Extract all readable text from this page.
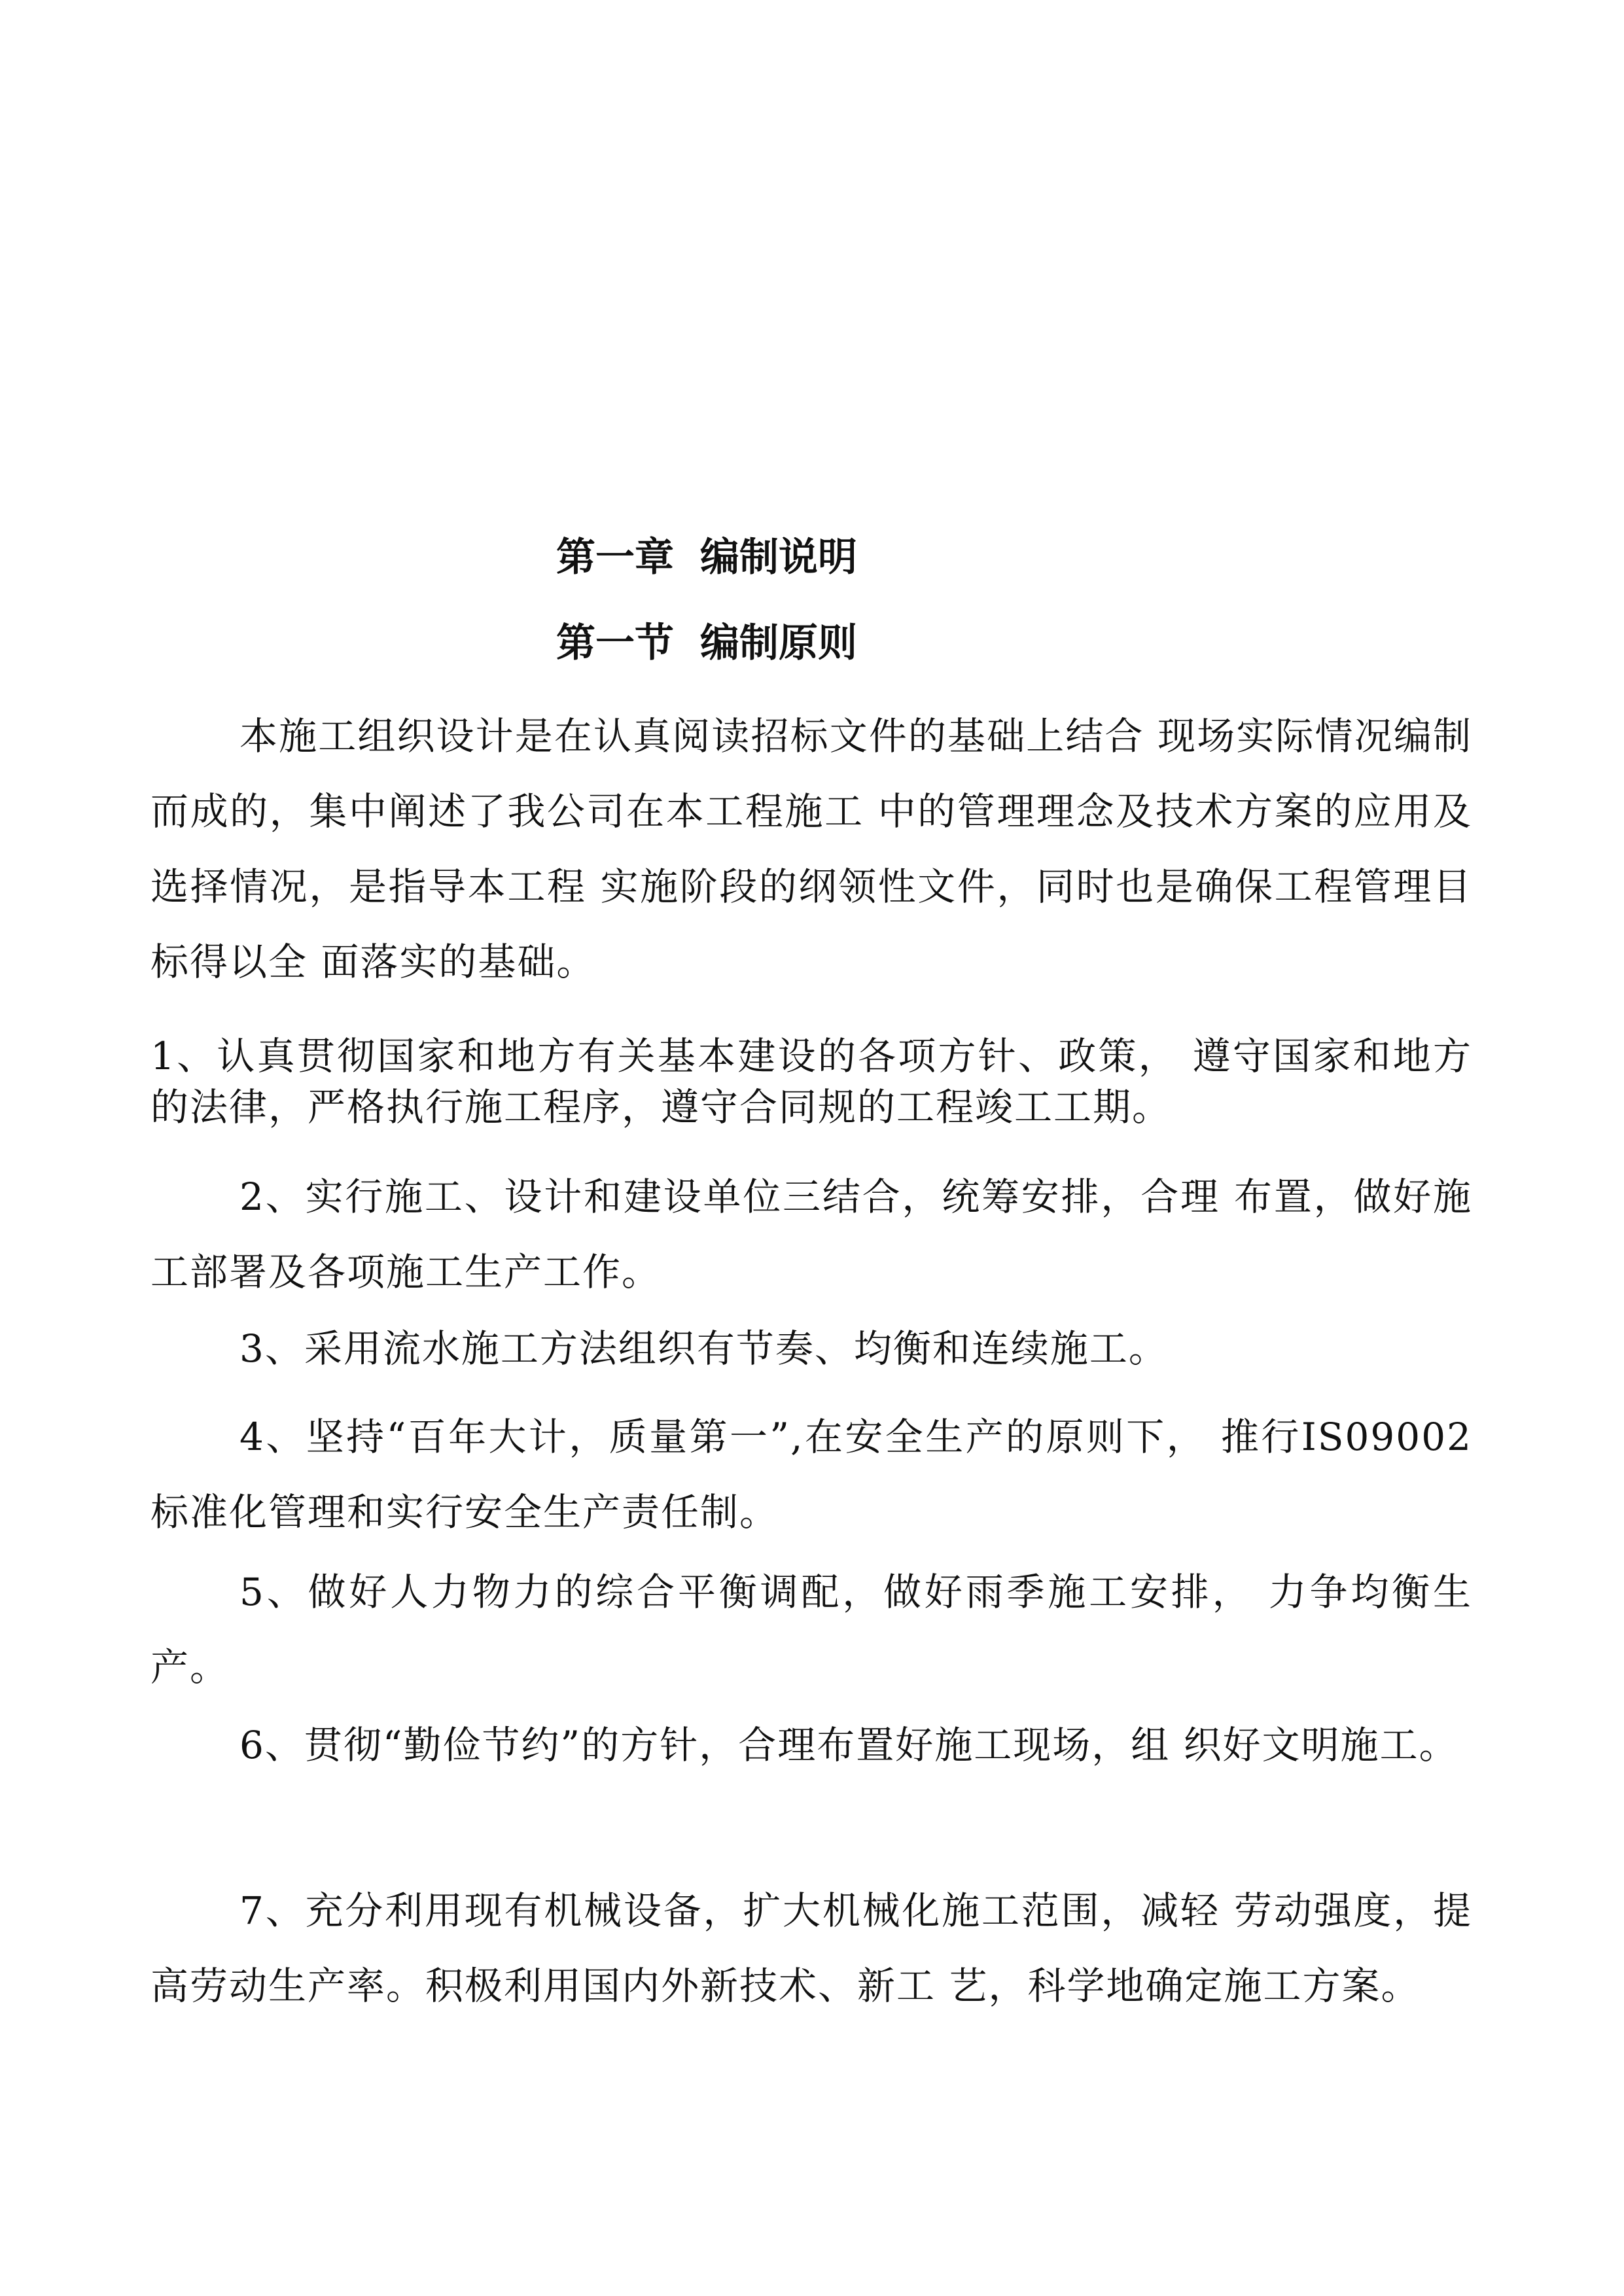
第一章 编制说明
第一节 编制原则

本施工组织设计是在认真阅读招标文件的基础上结合 现场实际情况编制而成的，集中阐述了我公司在本工程施工 中的管理理念及技术方案的应用及选择情况，是指导本工程 实施阶段的纲领性文件，同时也是确保工程管理目标得以全 面落实的基础。

1、认真贯彻国家和地方有关基本建设的各项方针、政策， 遵守国家和地方的法律，严格执行施工程序，遵守合同规的工程竣工工期。

2、实行施工、设计和建设单位三结合，统筹安排，合理 布置，做好施工部署及各项施工生产工作。

3、采用流水施工方法组织有节奏、均衡和连续施工。

4、坚持“百年大计，质量第一”,在安全生产的原则下， 推行IS09002 标准化管理和实行安全生产责任制。

5、做好人力物力的综合平衡调配，做好雨季施工安排， 力争均衡生产。

6、贯彻“勤俭节约”的方针，合理布置好施工现场，组 织好文明施工。

7、充分利用现有机械设备，扩大机械化施工范围，减轻 劳动强度，提高劳动生产率。积极利用国内外新技术、新工 艺，科学地确定施工方案。
